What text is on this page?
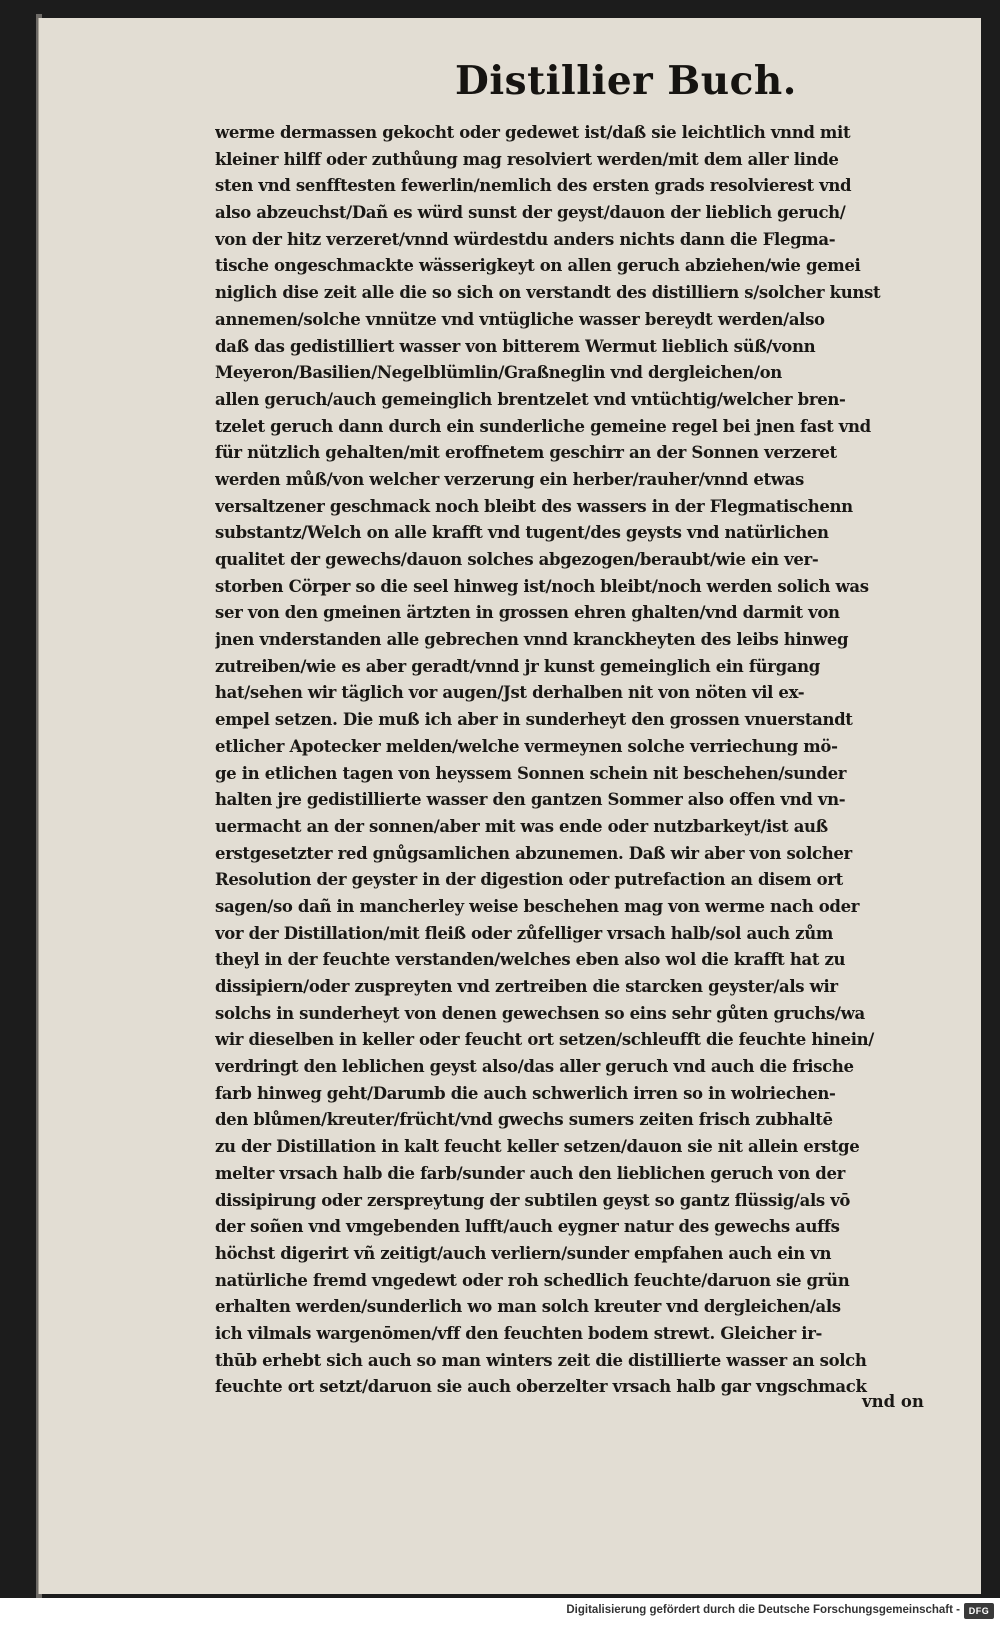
Distillier Buch.
werme dermassen gekocht oder gedewet ist/daß sie leichtlich vnnd mit
kleiner hilff oder zuthůung mag resolviert werden/mit dem aller linde
sten vnd senfftesten fewerlin/nemlich des ersten grads resolvierest vnd
also abzeuchst/Dañ es würd sunst der geyst/dauon der lieblich geruch/
von der hitz verzeret/vnnd würdestdu anders nichts dann die Flegma-
tische ongeschmackte wässerigkeyt on allen geruch abziehen/wie gemei
niglich dise zeit alle die so sich on verstandt des distilliern s/solcher kunst
annemen/solche vnnütze vnd vntügliche wasser bereydt werden/also
daß das gedistilliert wasser von bitterem Wermut lieblich süß/vonn
Meyeron/Basilien/Negelblümlin/Graßneglin vnd dergleichen/on
allen geruch/auch gemeinglich brentzelet vnd vntüchtig/welcher bren-
tzelet geruch dann durch ein sunderliche gemeine regel bei jnen fast vnd
für nützlich gehalten/mit eroffnetem geschirr an der Sonnen verzeret
werden můß/von welcher verzerung ein herber/rauher/vnnd etwas
versaltzener geschmack noch bleibt des wassers in der Flegmatischenn
substantz/Welch on alle krafft vnd tugent/des geysts vnd natürlichen
qualitet der gewechs/dauon solches abgezogen/beraubt/wie ein ver-
storben Cörper so die seel hinweg ist/noch bleibt/noch werden solich was
ser von den gmeinen ärtzten in grossen ehren ghalten/vnd darmit von
jnen vnderstanden alle gebrechen vnnd kranckheyten des leibs hinweg
zutreiben/wie es aber geradt/vnnd jr kunst gemeinglich ein fürgang
hat/sehen wir täglich vor augen/Jst derhalben nit von nöten vil ex-
empel setzen. Die muß ich aber in sunderheyt den grossen vnuerstandt
etlicher Apotecker melden/welche vermeynen solche verriechung mö-
ge in etlichen tagen von heyssem Sonnen schein nit beschehen/sunder
halten jre gedistillierte wasser den gantzen Sommer also offen vnd vn-
uermacht an der sonnen/aber mit was ende oder nutzbarkeyt/ist auß
erstgesetzter red gnůgsamlichen abzunemen. Daß wir aber von solcher
Resolution der geyster in der digestion oder putrefaction an disem ort
sagen/so dañ in mancherley weise beschehen mag von werme nach oder
vor der Distillation/mit fleiß oder zůfelliger vrsach halb/sol auch zům
theyl in der feuchte verstanden/welches eben also wol die krafft hat zu
dissipiern/oder zuspreyten vnd zertreiben die starcken geyster/als wir
solchs in sunderheyt von denen gewechsen so eins sehr gůten gruchs/wa
wir dieselben in keller oder feucht ort setzen/schleufft die feuchte hinein/
verdringt den leblichen geyst also/das aller geruch vnd auch die frische
farb hinweg geht/Darumb die auch schwerlich irren so in wolriechen-
den blůmen/kreuter/frücht/vnd gwechs sumers zeiten frisch zubhaltē
zu der Distillation in kalt feucht keller setzen/dauon sie nit allein erstge
melter vrsach halb die farb/sunder auch den lieblichen geruch von der
dissipirung oder zerspreytung der subtilen geyst so gantz flüssig/als vō
der soñen vnd vmgebenden lufft/auch eygner natur des gewechs auffs
höchst digerirt vñ zeitigt/auch verliern/sunder empfahen auch ein vn
natürliche fremd vngedewt oder roh schedlich feuchte/daruon sie grün
erhalten werden/sunderlich wo man solch kreuter vnd dergleichen/als
ich vilmals wargenōmen/vff den feuchten bodem strewt. Gleicher ir-
thūb erhebt sich auch so man winters zeit die distillierte wasser an solch
feuchte ort setzt/daruon sie auch oberzelter vrsach halb gar vngschmack
vnd on
Digitalisierung gefördert durch die Deutsche Forschungsgemeinschaft - DFG
